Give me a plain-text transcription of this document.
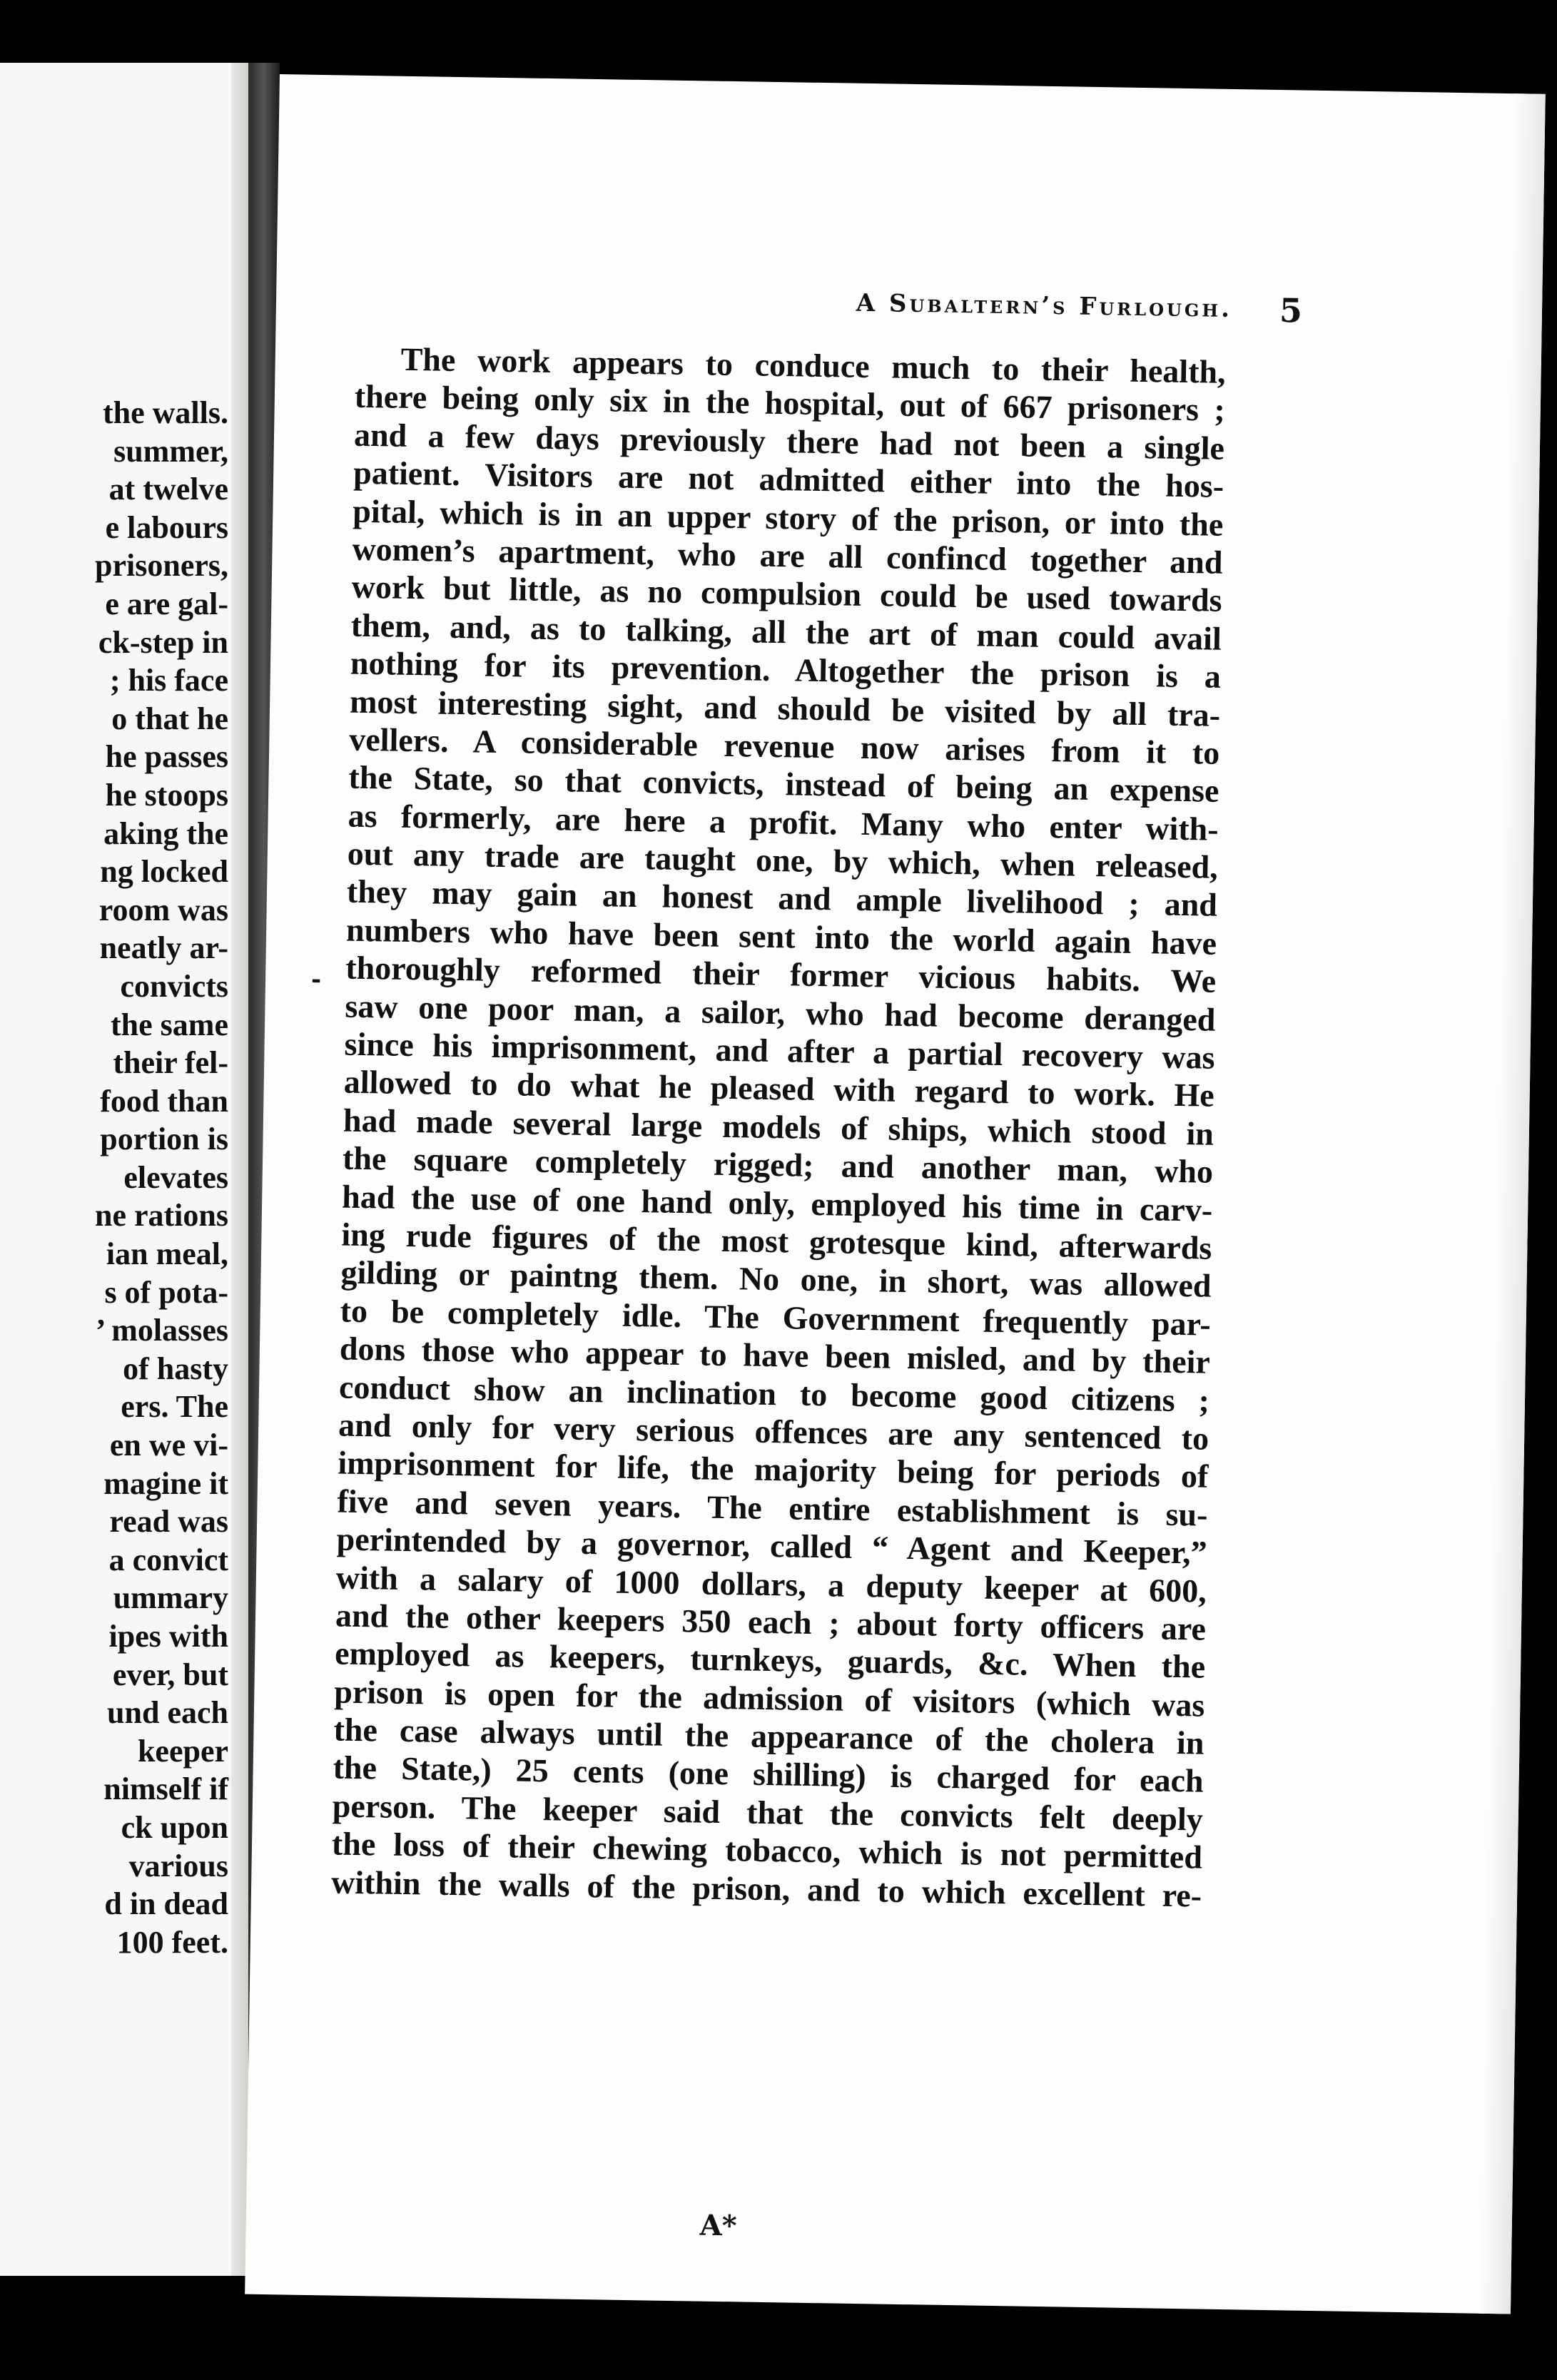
the walls.
summer,
at twelve
e labours
prisoners,
e are gal-
ck-step in
; his face
o that he
he passes
he stoops
aking the
ng locked
room was
neatly ar-
convicts
the same
their fel-
food than
portion is
elevates
ne rations
ian meal,
s of pota-
’ molasses
of hasty
ers. The
en we vi-
magine it
read was
a convict
ummary
ipes with
ever, but
und each
keeper
nimself if
ck upon
various
d in dead
100 feet.
A Subaltern’s Furlough.	5
-
The work appears to conduce much to their health,
there being only six in the hospital, out of 667 prisoners ;
and a few days previously there had not been a single
patient. Visitors are not admitted either into the hos-
pital, which is in an upper story of the prison, or into the
women’s apartment, who are all confincd together and
work but little, as no compulsion could be used towards
them, and, as to talking, all the art of man could avail
nothing for its prevention. Altogether the prison is a
most interesting sight, and should be visited by all tra-
vellers. A considerable revenue now arises from it to
the State, so that convicts, instead of being an expense
as formerly, are here a profit. Many who enter with-
out any trade are taught one, by which, when released,
they may gain an honest and ample livelihood ; and
numbers who have been sent into the world again have
thoroughly reformed their former vicious habits. We
saw one poor man, a sailor, who had become deranged
since his imprisonment, and after a partial recovery was
allowed to do what he pleased with regard to work. He
had made several large models of ships, which stood in
the square completely rigged; and another man, who
had the use of one hand only, employed his time in carv-
ing rude figures of the most grotesque kind, afterwards
gilding or paintng them. No one, in short, was allowed
to be completely idle. The Government frequently par-
dons those who appear to have been misled, and by their
conduct show an inclination to become good citizens ;
and only for very serious offences are any sentenced to
imprisonment for life, the majority being for periods of
five and seven years. The entire establishment is su-
perintended by a governor, called “ Agent and Keeper,”
with a salary of 1000 dollars, a deputy keeper at 600,
and the other keepers 350 each ; about forty officers are
employed as keepers, turnkeys, guards, &c. When the
prison is open for the admission of visitors (which was
the case always until the appearance of the cholera in
the State,) 25 cents (one shilling) is charged for each
person. The keeper said that the convicts felt deeply
the loss of their chewing tobacco, which is not permitted
within the walls of the prison, and to which excellent re-
A*
